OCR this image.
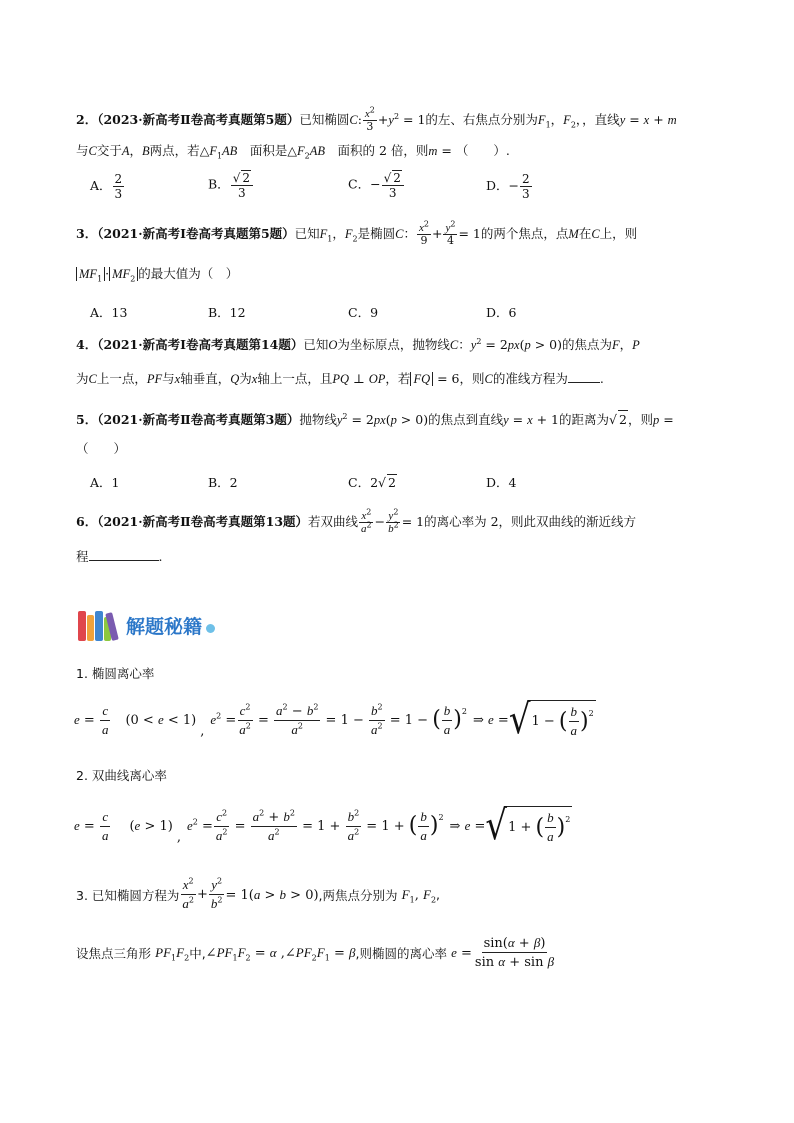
2．（2023·新高考Ⅱ卷高考真题第5题）已知椭圆C: $\frac{x^2}{3} +y^2 = 1$的左、右焦点分别为$F_1$，$F_2$，，直线y = x + m
与C交于A，B两点，若$\triangle F_1AB$　 面积是$\triangle F_2AB$　 面积的 2 倍，则m = （　　）.
A． $\frac{2}{3}$	B． $\frac{√ 2}{3}$	C．− $\frac{√ 2}{3}$	D．− $\frac{2}{3}$
3．（2021·新高考Ⅰ卷高考真题第5题）已知$F_1$，$F_2$是椭圆C： $\frac{x^2}{9} + \frac{y^2}{4} = 1$的两个焦点，点M在C上，则
$MF_1 \cdot MF_2$ 的最大值为（　）
A．13	B．12	C．9	D．6
4．（2021·新高考Ⅰ卷高考真题第14题）已知O为坐标原点，抛物线C：$y^2 = 2px(p > 0)$的焦点为F，P
为C上一点，PF与x轴垂直，Q为x轴上一点，且PQ ⊥ OP，若 FQ = 6，则C的准线方程为	.
5．（2021·新高考Ⅱ卷高考真题第3题）抛物线$y^2 = 2px(p > 0)$的焦点到直线y = x + 1的距离为√ 2，则p =
（　　）
A．1	B．2	C．2√ 2	D．4
6．（2021·新高考Ⅱ卷高考真题第13题）若双曲线 $\frac{x^2}{a^2} - \frac{y^2}{b^2} = 1$的离心率为 2，则此双曲线的渐近线方
程	.
解题秘籍
1. 椭圆离心率
$e = \frac{c}{a} (0 < e < 1)$
,
$e^2 = \frac{c^2}{a^2} = \frac{a^2 - b^2}{a^2} = 1 - \frac{b^2}{a^2} = 1$ − ( $\frac{b}{a}$ ) 2
⇒ e = √ 1 − ( $\frac{b}{a}$ ) 2
2. 双曲线离心率
$e = \frac{c}{a} (e > 1)$
,
$e^2 = \frac{c^2}{a^2} = \frac{a^2 + b^2}{a^2} = 1 + \frac{b^2}{a^2} = 1$ + ( $\frac{b}{a}$ ) 2
⇒ e = √ 1 + ( $\frac{b}{a}$ ) 2
3. 已知椭圆方程为 $\frac{x^2}{a^2} + \frac{y^2}{b^2} = 1(a > b > 0)$ ,两焦点分别为 $F_1$, $F_2$ ,
设焦点三角形 $PF_1F_2$ 中, $\angle PF_1F_2 = \alpha$ $,\angle PF_2F_1 = \beta$ ,则椭圆的离心率 $e = \frac{\sin(\alpha + \beta)}{\text{sin α + sin β}}$
